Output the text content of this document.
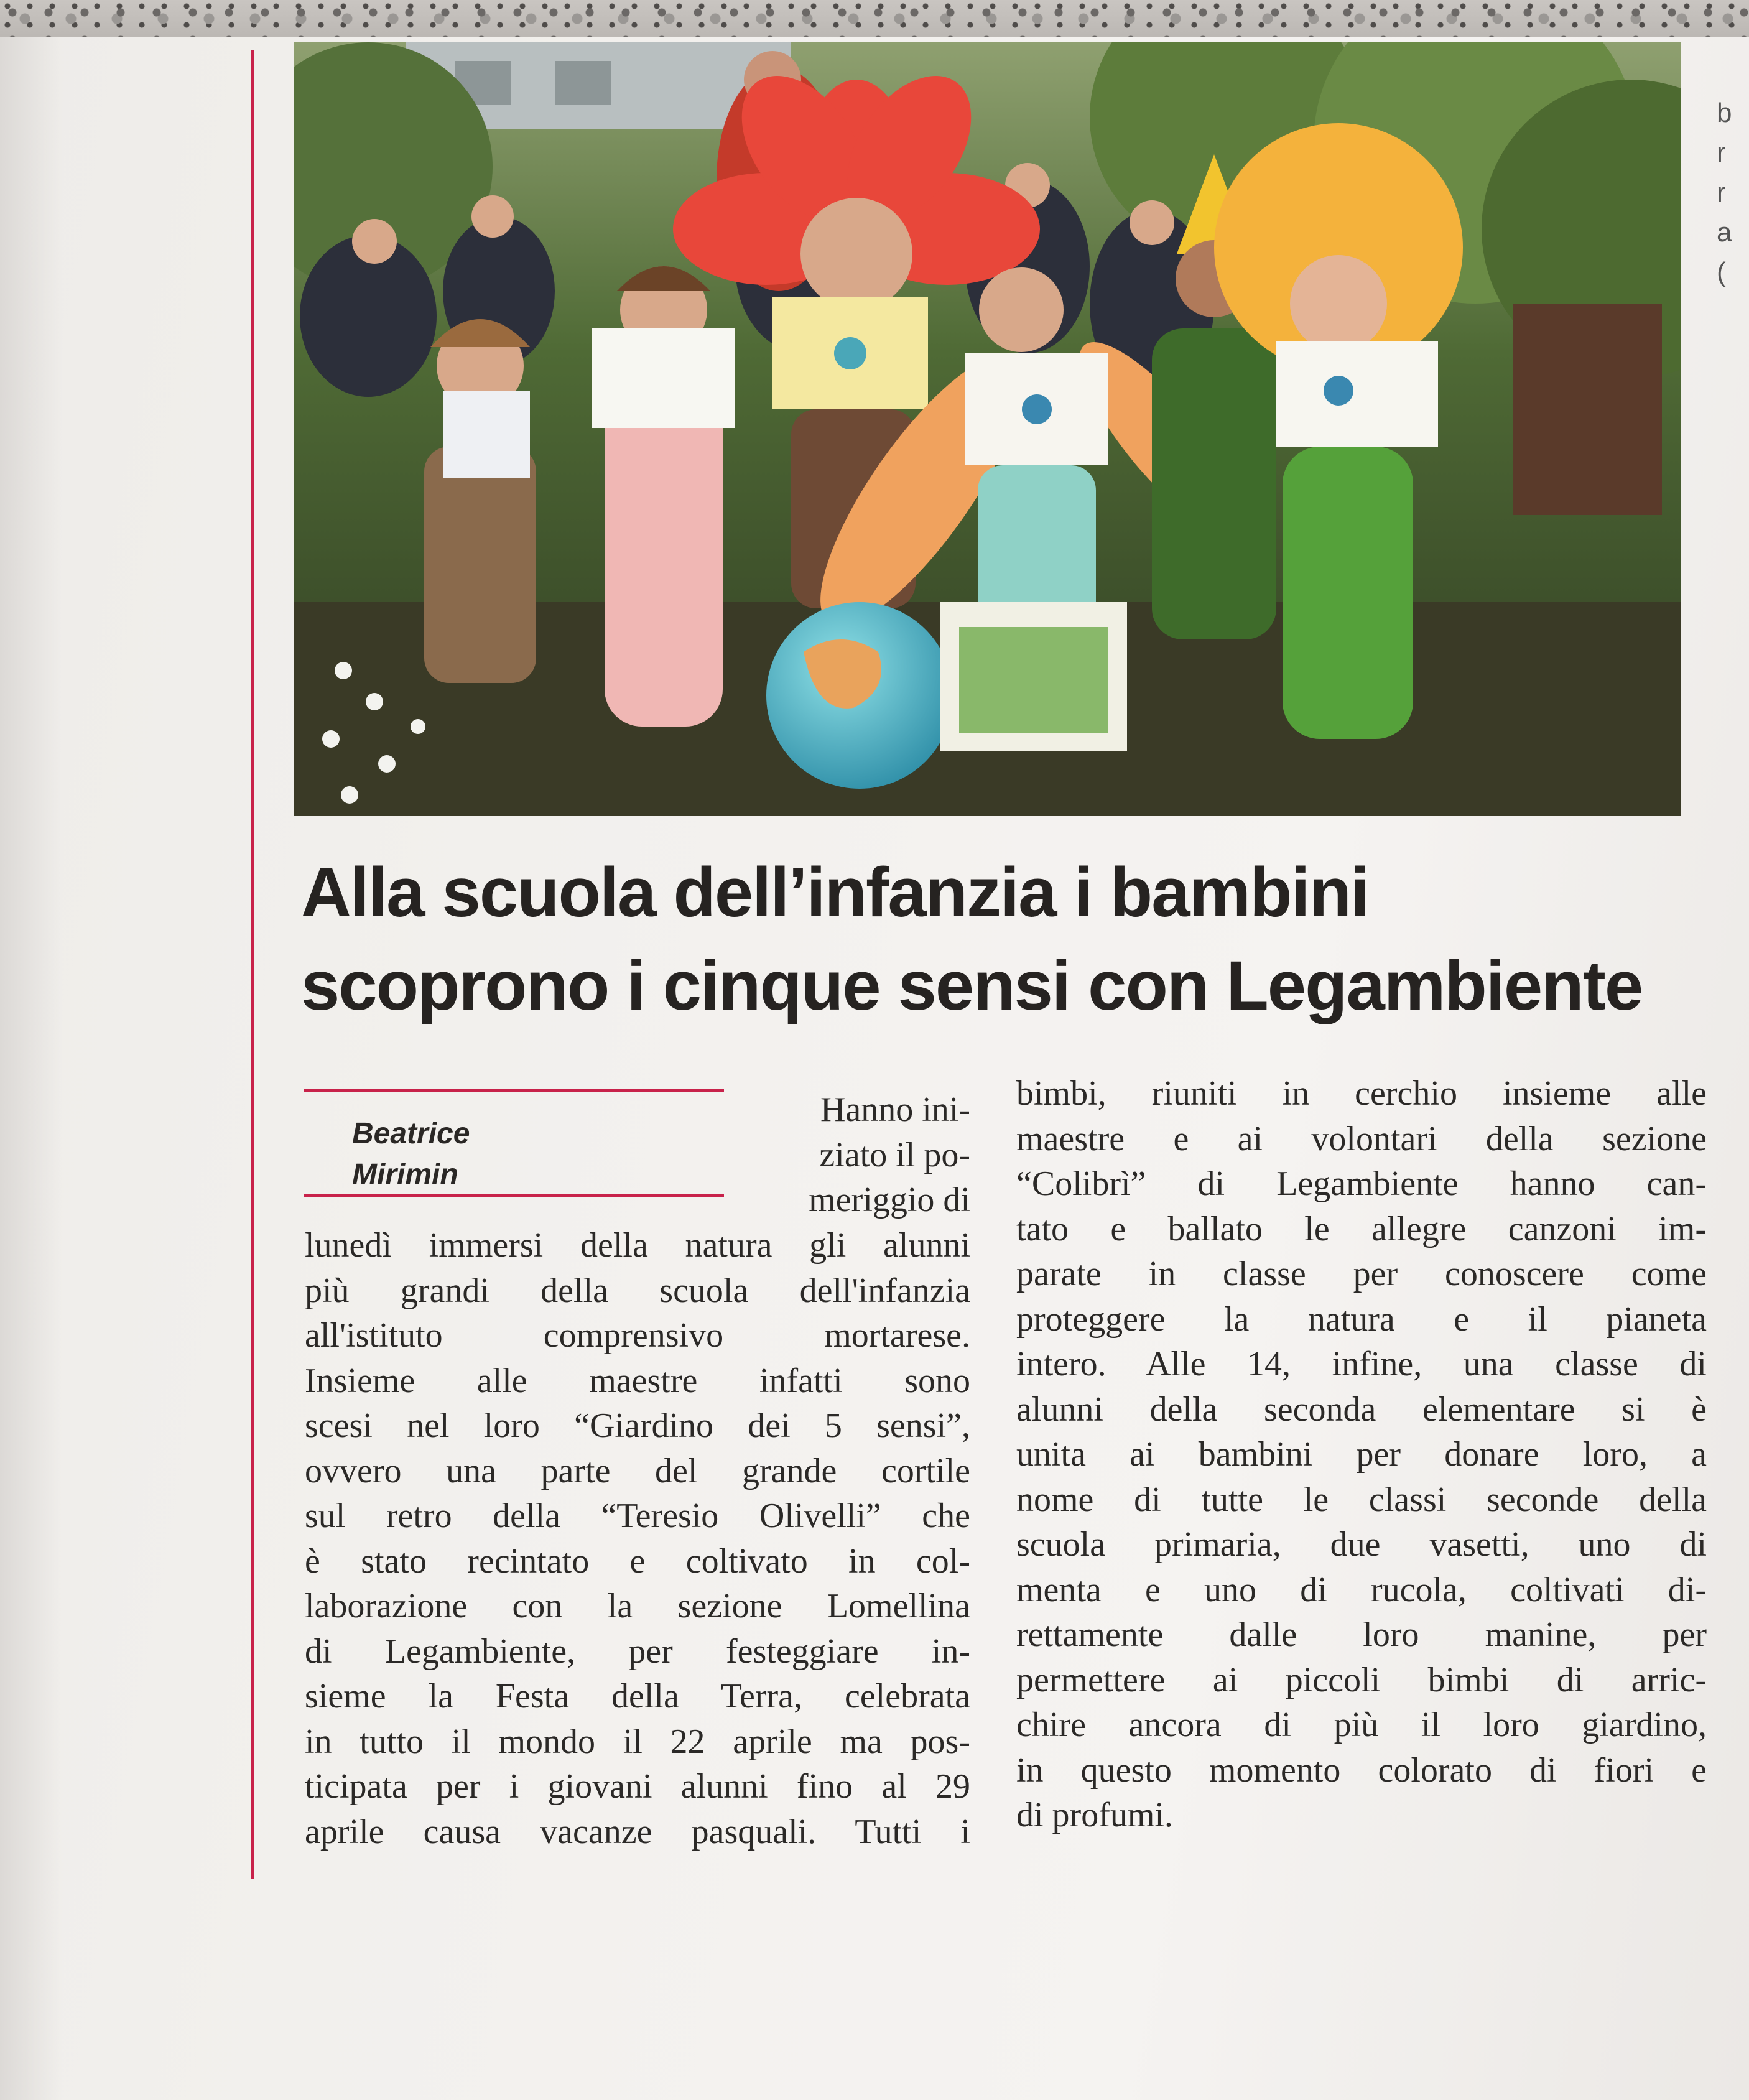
Alla scuola dell’infanzia i bambini
scoprono i cinque sensi con Legambiente
Beatrice
Mirimin
Hanno ini-
ziato il po-
meriggio di
lunedì immersi della natura gli alunni
più grandi della scuola dell'infanzia
all'istituto comprensivo mortarese.
Insieme alle maestre infatti sono
scesi nel loro “Giardino dei 5 sensi”,
ovvero una parte del grande cortile
sul retro della “Teresio Olivelli” che
è stato recintato e coltivato in col-
laborazione con la sezione Lomellina
di Legambiente, per festeggiare in-
sieme la Festa della Terra, celebrata
in tutto il mondo il 22 aprile ma pos-
ticipata per i giovani alunni fino al 29
aprile causa vacanze pasquali. Tutti i
bimbi, riuniti in cerchio insieme alle
maestre e ai volontari della sezione
“Colibrì” di Legambiente hanno can-
tato e ballato le allegre canzoni im-
parate in classe per conoscere come
proteggere la natura e il pianeta
intero. Alle 14, infine, una classe di
alunni della seconda elementare si è
unita ai bambini per donare loro, a
nome di tutte le classi seconde della
scuola primaria, due vasetti, uno di
menta e uno di rucola, coltivati di-
rettamente dalle loro manine, per
permettere ai piccoli bimbi di arric-
chire ancora di più il loro giardino,
in questo momento colorato di fiori e
di profumi.
b
r
r
a
(
